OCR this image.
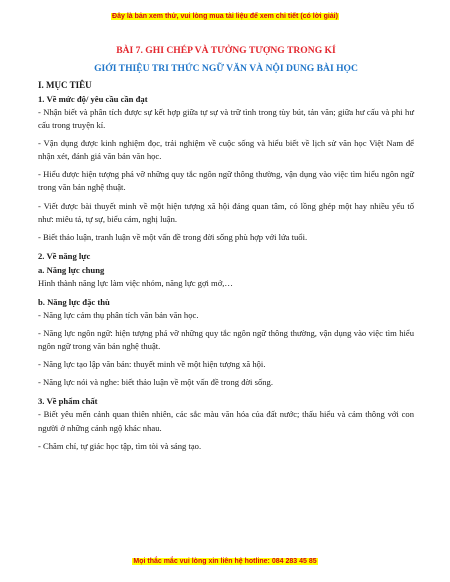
Đây là bản xem thử, vui lòng mua tài liệu để xem chi tiết (có lời giải)

BÀI 7. GHI CHÉP VÀ TƯỞNG TƯỢNG TRONG KÍ

GIỚI THIỆU TRI THỨC NGỮ VĂN VÀ NỘI DUNG BÀI HỌC

I. MỤC TIÊU

1. Về mức độ/ yêu cầu cần đạt

- Nhận biết và phân tích được sự kết hợp giữa tự sự và trữ tình trong tùy bút, tản văn; giữa hư cấu và phi hư cấu trong truyện kí.

- Vận dụng được kinh nghiệm đọc, trải nghiệm về cuộc sống và hiểu biết về lịch sử văn học Việt Nam để nhận xét, đánh giá văn bản văn học.

- Hiểu được hiện tượng phá vỡ những quy tắc ngôn ngữ thông thường, vận dụng vào việc tìm hiểu ngôn ngữ trong văn bản nghệ thuật.

- Viết được bài thuyết minh về một hiện tượng xã hội đáng quan tâm, có lồng ghép một hay nhiều yếu tố như: miêu tả, tự sự, biểu cảm, nghị luận.

- Biết thảo luận, tranh luận về một vấn đề trong đời sống phù hợp với lứa tuổi.

2. Về năng lực

a. Năng lực chung

Hình thành năng lực làm việc nhóm, năng lực gợi mở,…

b. Năng lực đặc thù

- Năng lực cảm thụ phân tích văn bản văn học.

- Năng lực ngôn ngữ: hiện tượng phá vỡ những quy tắc ngôn ngữ thông thường, vận dụng vào việc tìm hiểu ngôn ngữ trong văn bản nghệ thuật.

- Năng lực tạo lập văn bản: thuyết minh về một hiện tượng xã hội.

- Năng lực nói và nghe: biết thảo luận về một vấn đề trong đời sống.

3. Về phẩm chất

- Biết yêu mến cảnh quan thiên nhiên, các sắc màu văn hóa của đất nước; thấu hiểu và cảm thông với con người ở những cảnh ngộ khác nhau.

- Chăm chỉ, tự giác học tập, tìm tòi và sáng tạo.

Mọi thắc mắc vui lòng xin liên hệ hotline: 084 283 45 85
